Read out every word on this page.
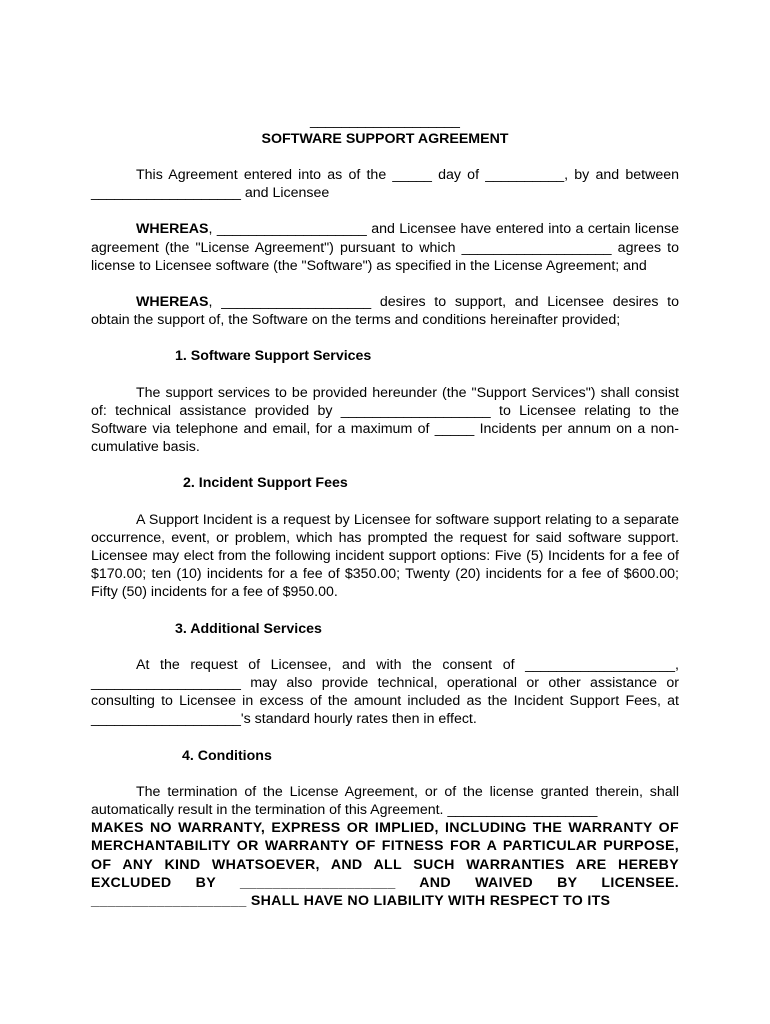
___________________
SOFTWARE SUPPORT AGREEMENT

This Agreement entered into as of the _____ day of __________, by and between ___________________ and Licensee

WHEREAS, ___________________ and Licensee have entered into a certain license agreement (the "License Agreement") pursuant to which ___________________ agrees to license to Licensee software (the "Software") as specified in the License Agreement; and

WHEREAS, ___________________ desires to support, and Licensee desires to obtain the support of, the Software on the terms and conditions hereinafter provided;

1. Software Support Services

The support services to be provided hereunder (the "Support Services") shall consist of: technical assistance provided by ___________________ to Licensee relating to the Software via telephone and email, for a maximum of _____ Incidents per annum on a non-cumulative basis.

2. Incident Support Fees

A Support Incident is a request by Licensee for software support relating to a separate occurrence, event, or problem, which has prompted the request for said software support. Licensee may elect from the following incident support options: Five (5) Incidents for a fee of $170.00; ten (10) incidents for a fee of $350.00; Twenty (20) incidents for a fee of $600.00; Fifty (50) incidents for a fee of $950.00.

3. Additional Services

At the request of Licensee, and with the consent of ___________________, ___________________ may also provide technical, operational or other assistance or consulting to Licensee in excess of the amount included as the Incident Support Fees, at ___________________'s standard hourly rates then in effect.

4. Conditions

The termination of the License Agreement, or of the license granted therein, shall automatically result in the termination of this Agreement. ___________________

MAKES NO WARRANTY, EXPRESS OR IMPLIED, INCLUDING THE WARRANTY OF MERCHANTABILITY OR WARRANTY OF FITNESS FOR A PARTICULAR PURPOSE, OF ANY KIND WHATSOEVER, AND ALL SUCH WARRANTIES ARE HEREBY EXCLUDED BY ___________________ AND WAIVED BY LICENSEE. ___________________ SHALL HAVE NO LIABILITY WITH RESPECT TO ITS
